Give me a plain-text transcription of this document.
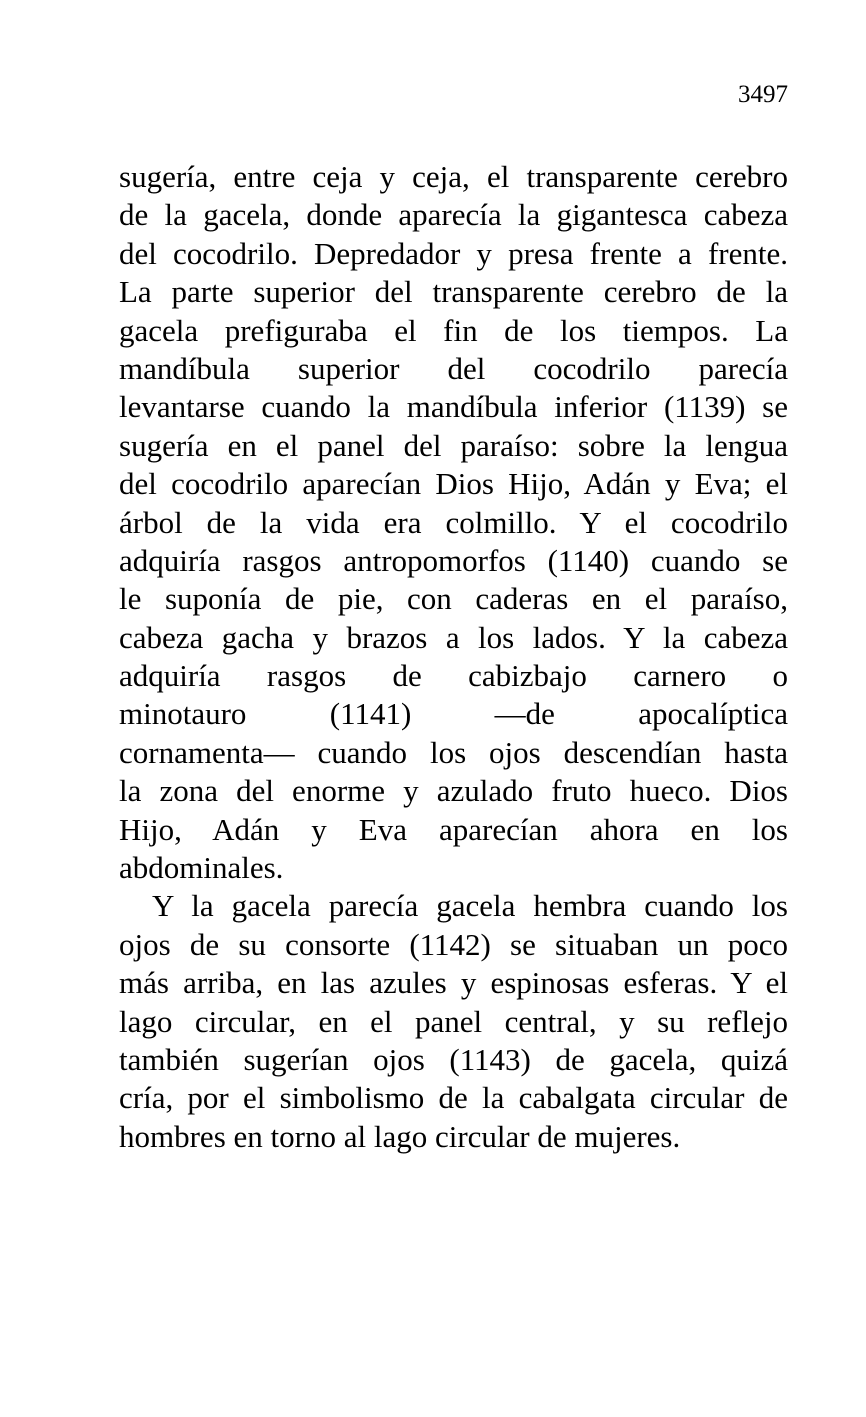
3497
sugería, entre ceja y ceja, el transparente cerebro
de la gacela, donde aparecía la gigantesca cabeza
del cocodrilo. Depredador y presa frente a frente.
La parte superior del transparente cerebro de la
gacela prefiguraba el fin de los tiempos. La
mandíbula superior del cocodrilo parecía
levantarse cuando la mandíbula inferior (1139) se
sugería en el panel del paraíso: sobre la lengua
del cocodrilo aparecían Dios Hijo, Adán y Eva; el
árbol de la vida era colmillo. Y el cocodrilo
adquiría rasgos antropomorfos (1140) cuando se
le suponía de pie, con caderas en el paraíso,
cabeza gacha y brazos a los lados. Y la cabeza
adquiría rasgos de cabizbajo carnero o
minotauro (1141) —de apocalíptica
cornamenta— cuando los ojos descendían hasta
la zona del enorme y azulado fruto hueco. Dios
Hijo, Adán y Eva aparecían ahora en los
abdominales.
Y la gacela parecía gacela hembra cuando los
ojos de su consorte (1142) se situaban un poco
más arriba, en las azules y espinosas esferas. Y el
lago circular, en el panel central, y su reflejo
también sugerían ojos (1143) de gacela, quizá
cría, por el simbolismo de la cabalgata circular de
hombres en torno al lago circular de mujeres.
